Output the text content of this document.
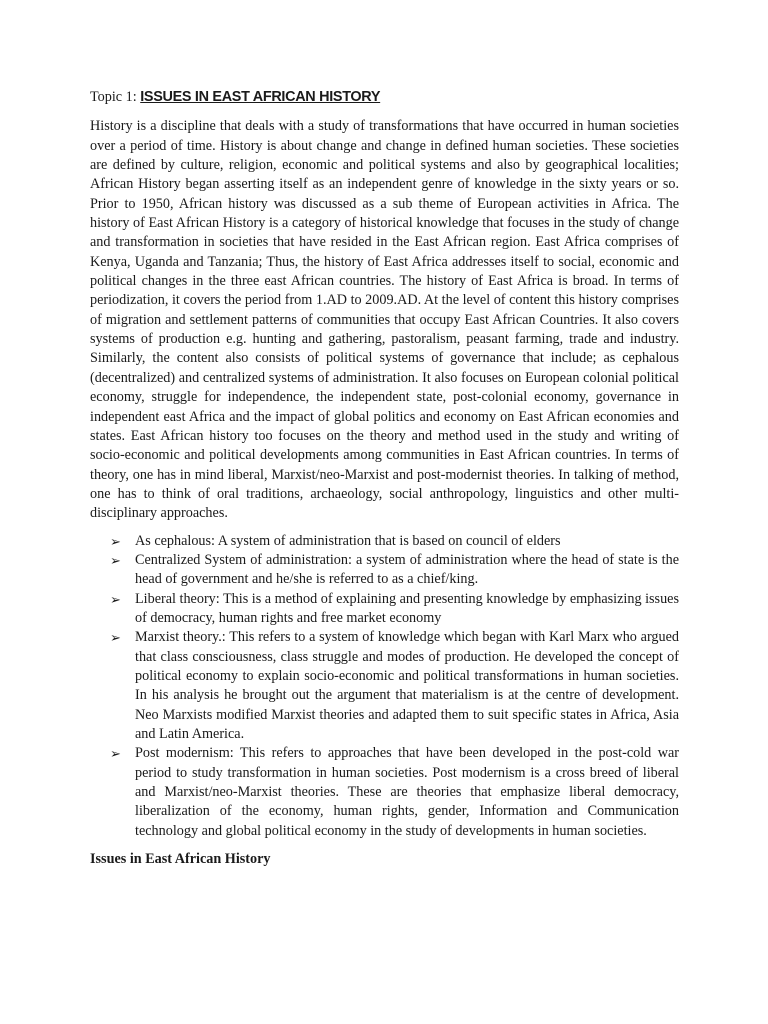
Topic 1: ISSUES IN EAST AFRICAN HISTORY

History is a discipline that deals with a study of transformations that have occurred in human societies over a period of time. History is about change and change in defined human societies. These societies are defined by culture, religion, economic and political systems and also by geographical localities; African History began asserting itself as an independent genre of knowledge in the sixty years or so. Prior to 1950, African history was discussed as a sub theme of European activities in Africa. The history of East African History is a category of historical knowledge that focuses in the study of change and transformation in societies that have resided in the East African region. East Africa comprises of Kenya, Uganda and Tanzania; Thus, the history of East Africa addresses itself to social, economic and political changes in the three east African countries. The history of East Africa is broad. In terms of periodization, it covers the period from 1.AD to 2009.AD. At the level of content this history comprises of migration and settlement patterns of communities that occupy East African Countries. It also covers systems of production e.g. hunting and gathering, pastoralism, peasant farming, trade and industry. Similarly, the content also consists of political systems of governance that include; as cephalous (decentralized) and centralized systems of administration. It also focuses on European colonial political economy, struggle for independence, the independent state, post-colonial economy, governance in independent east Africa and the impact of global politics and economy on East African economies and states. East African history too focuses on the theory and method used in the study and writing of socio-economic and political developments among communities in East African countries. In terms of theory, one has in mind liberal, Marxist/neo-Marxist and post-modernist theories. In talking of method, one has to think of oral traditions, archaeology, social anthropology, linguistics and other multi-disciplinary approaches.

➢ As cephalous: A system of administration that is based on council of elders
➢ Centralized System of administration: a system of administration where the head of state is the head of government and he/she is referred to as a chief/king.
➢ Liberal theory: This is a method of explaining and presenting knowledge by emphasizing issues of democracy, human rights and free market economy
➢ Marxist theory.: This refers to a system of knowledge which began with Karl Marx who argued that class consciousness, class struggle and modes of production. He developed the concept of political economy to explain socio-economic and political transformations in human societies. In his analysis he brought out the argument that materialism is at the centre of development. Neo Marxists modified Marxist theories and adapted them to suit specific states in Africa, Asia and Latin America.
➢ Post modernism: This refers to approaches that have been developed in the post-cold war period to study transformation in human societies. Post modernism is a cross breed of liberal and Marxist/neo-Marxist theories. These are theories that emphasize liberal democracy, liberalization of the economy, human rights, gender, Information and Communication technology and global political economy in the study of developments in human societies.

Issues in East African History
